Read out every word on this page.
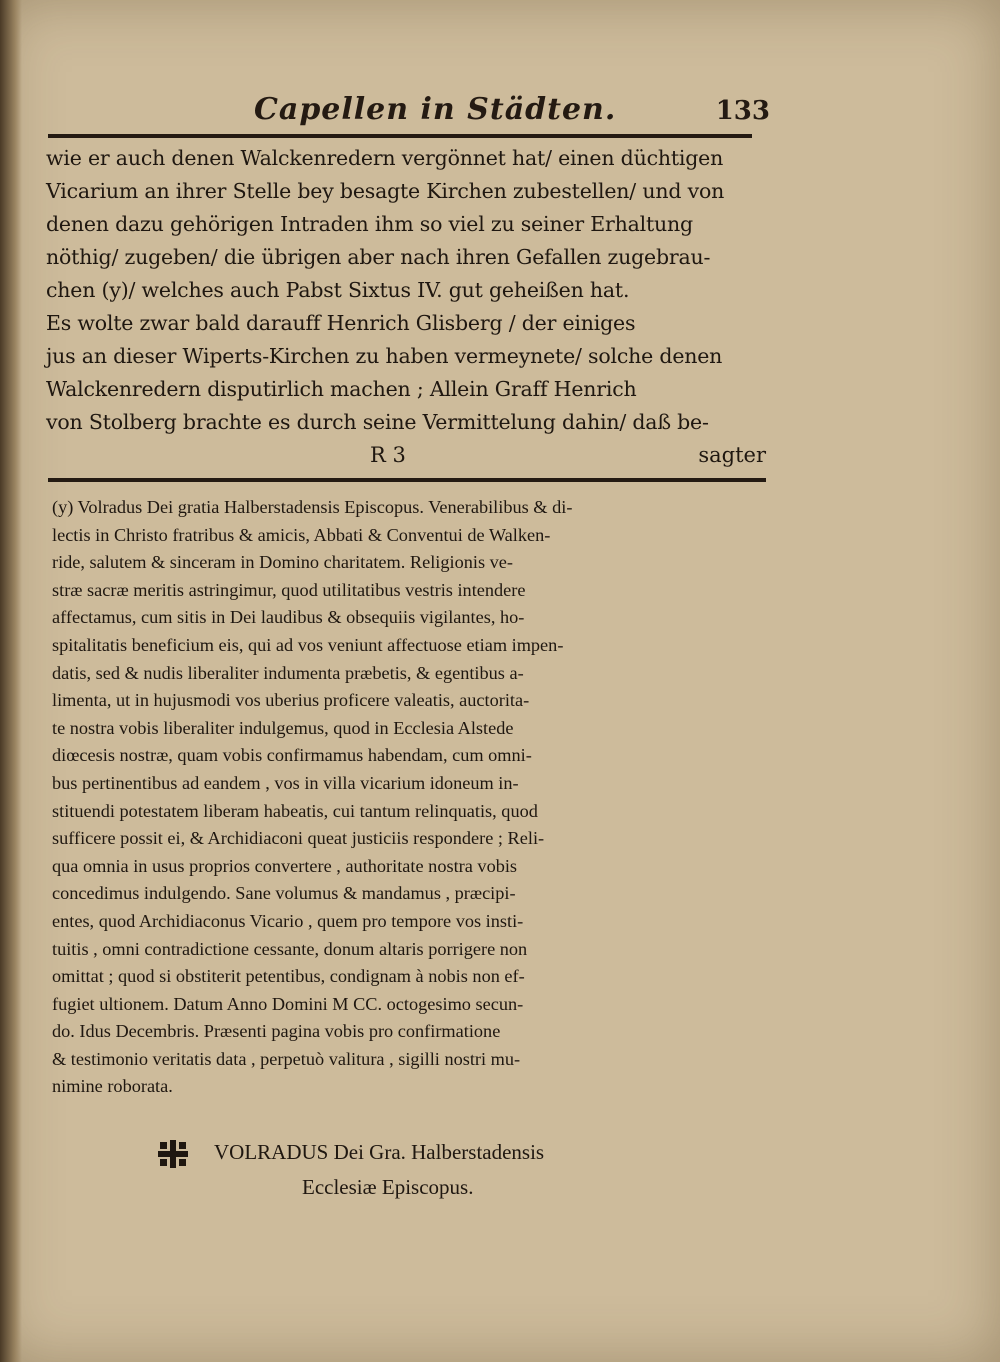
Capellen in Städten.	133
wie er auch denen Walckenredern vergönnet hat/ einen düchtigen
Vicarium an ihrer Stelle bey besagte Kirchen zubestellen/ und von
denen dazu gehörigen Intraden ihm so viel zu seiner Erhaltung
nöthig/ zugeben/ die übrigen aber nach ihren Gefallen zugebrau-
chen (y)/ welches auch Pabst Sixtus IV. gut geheißen hat.
Es wolte zwar bald darauff Henrich Glisberg / der einiges
jus an dieser Wiperts-Kirchen zu haben vermeynete/ solche denen
Walckenredern disputirlich machen ; Allein Graff Henrich
von Stolberg brachte es durch seine Vermittelung dahin/ daß be-
R 3	sagter
(y) Volradus Dei gratia Halberstadensis Episcopus. Venerabilibus & di-
lectis in Christo fratribus & amicis, Abbati & Conventui de Walken-
ride, salutem & sinceram in Domino charitatem. Religionis ve-
stræ sacræ meritis astringimur, quod utilitatibus vestris intendere
affectamus, cum sitis in Dei laudibus & obsequiis vigilantes, ho-
spitalitatis beneficium eis, qui ad vos veniunt affectuose etiam impen-
datis, sed & nudis liberaliter indumenta præbetis, & egentibus a-
limenta, ut in hujusmodi vos uberius proficere valeatis, auctorita-
te nostra vobis liberaliter indulgemus, quod in Ecclesia Alstede
diœcesis nostræ, quam vobis confirmamus habendam, cum omni-
bus pertinentibus ad eandem , vos in villa vicarium idoneum in-
stituendi potestatem liberam habeatis, cui tantum relinquatis, quod
sufficere possit ei, & Archidiaconi queat justiciis respondere ; Reli-
qua omnia in usus proprios convertere , authoritate nostra vobis
concedimus indulgendo. Sane volumus & mandamus , præcipi-
entes, quod Archidiaconus Vicario , quem pro tempore vos insti-
tuitis , omni contradictione cessante, donum altaris porrigere non
omittat ; quod si obstiterit petentibus, condignam à nobis non ef-
fugiet ultionem. Datum Anno Domini M CC. octogesimo secun-
do. Idus Decembris. Præsenti pagina vobis pro confirmatione
& testimonio veritatis data , perpetuò valitura , sigilli nostri mu-
nimine roborata.
VOLRADUS Dei Gra. Halberstadensis
Ecclesiæ Episcopus.
